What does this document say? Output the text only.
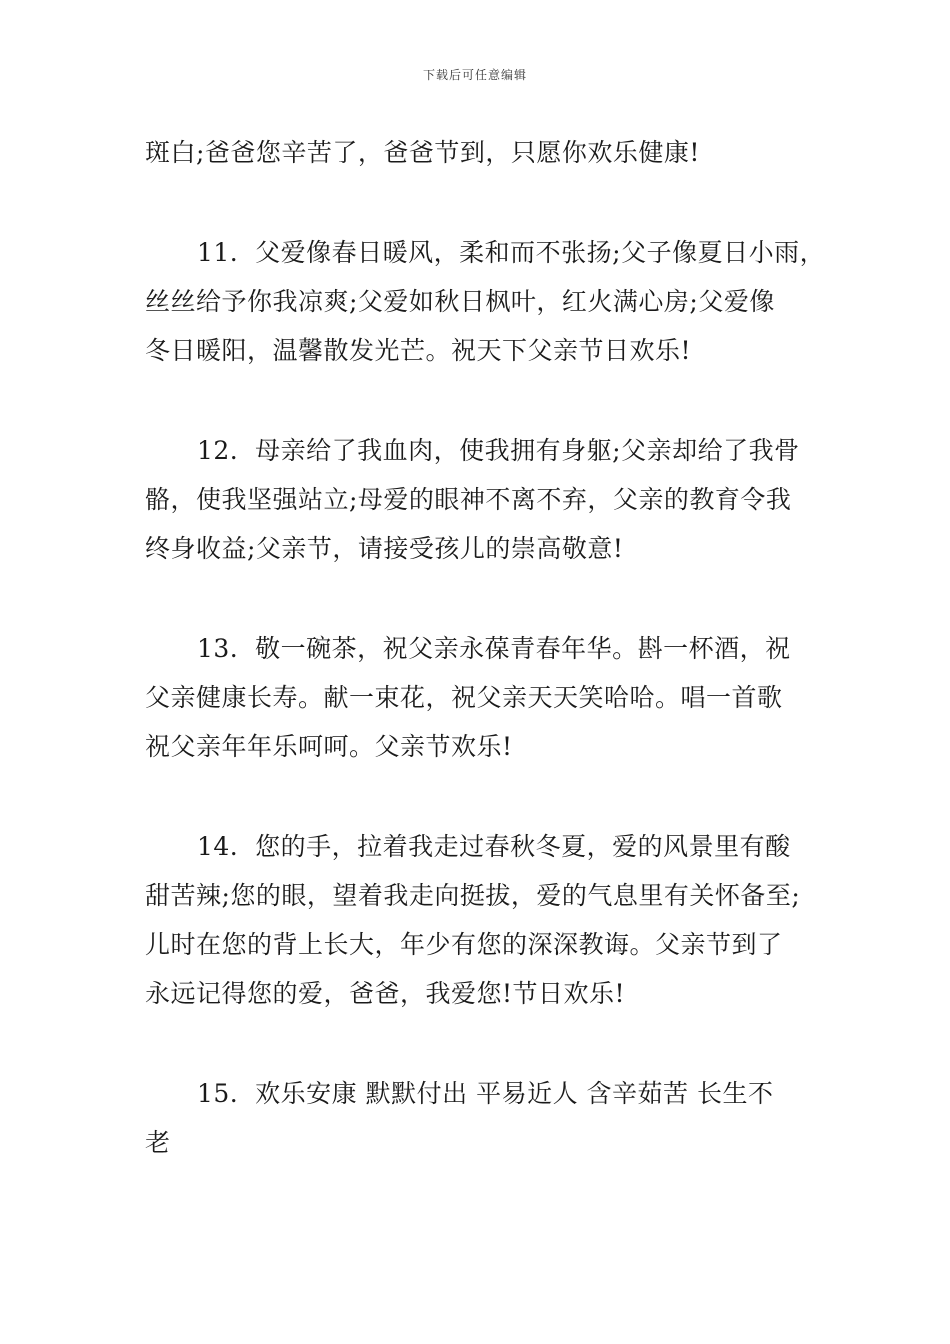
下载后可任意编辑
斑白;爸爸您辛苦了，爸爸节到，只愿你欢乐健康!
11. 父爱像春日暖风，柔和而不张扬;父子像夏日小雨，
丝丝给予你我凉爽;父爱如秋日枫叶，红火满心房;父爱像
冬日暖阳，温馨散发光芒。祝天下父亲节日欢乐!
12. 母亲给了我血肉，使我拥有身躯;父亲却给了我骨
骼，使我坚强站立;母爱的眼神不离不弃，父亲的教育令我
终身收益;父亲节，请接受孩儿的崇高敬意!
13. 敬一碗茶，祝父亲永葆青春年华。斟一杯酒，祝
父亲健康长寿。献一束花，祝父亲天天笑哈哈。唱一首歌
祝父亲年年乐呵呵。父亲节欢乐!
14. 您的手，拉着我走过春秋冬夏，爱的风景里有酸
甜苦辣;您的眼，望着我走向挺拔，爱的气息里有关怀备至;
儿时在您的背上长大，年少有您的深深教诲。父亲节到了
永远记得您的爱，爸爸，我爱您!节日欢乐!
15. 欢乐安康 默默付出 平易近人 含辛茹苦 长生不
老
